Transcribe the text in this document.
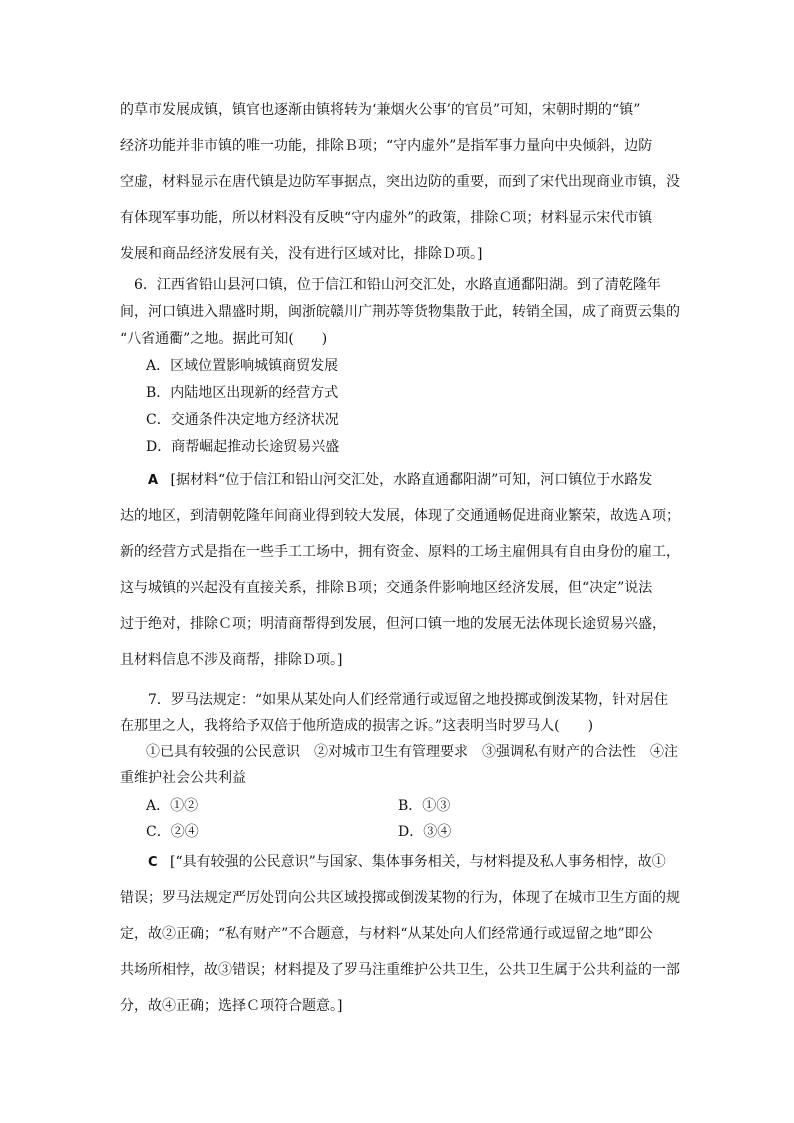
的草市发展成镇，镇官也逐渐由镇将转为‘兼烟火公事’的官员”可知，宋朝时期的“镇”
经济功能并非市镇的唯一功能，排除Ｂ项；“守内虚外”是指军事力量向中央倾斜，边防
空虚，材料显示在唐代镇是边防军事据点，突出边防的重要，而到了宋代出现商业市镇，没
有体现军事功能，所以材料没有反映“守内虚外”的政策，排除Ｃ项；材料显示宋代市镇
发展和商品经济发展有关，没有进行区域对比，排除Ｄ项。]
6．江西省铅山县河口镇，位于信江和铅山河交汇处，水路直通鄱阳湖。到了清乾隆年
间，河口镇进入鼎盛时期，闽浙皖赣川广荆苏等货物集散于此，转销全国，成了商贾云集的
“八省通衢”之地。据此可知(　　)
A．区域位置影响城镇商贸发展
B．内陆地区出现新的经营方式
C．交通条件决定地方经济状况
D．商帮崛起推动长途贸易兴盛
A [据材料“位于信江和铅山河交汇处，水路直通鄱阳湖”可知，河口镇位于水路发
达的地区，到清朝乾隆年间商业得到较大发展，体现了交通通畅促进商业繁荣，故选Ａ项；
新的经营方式是指在一些手工工场中，拥有资金、原料的工场主雇佣具有自由身份的雇工，
这与城镇的兴起没有直接关系，排除Ｂ项；交通条件影响地区经济发展，但“决定”说法
过于绝对，排除Ｃ项；明清商帮得到发展，但河口镇一地的发展无法体现长途贸易兴盛，
且材料信息不涉及商帮，排除Ｄ项。]
7．罗马法规定：“如果从某处向人们经常通行或逗留之地投掷或倒泼某物，针对居住
在那里之人，我将给予双倍于他所造成的损害之诉。”这表明当时罗马人(　　)
①已具有较强的公民意识　②对城市卫生有管理要求　③强调私有财产的合法性　④注
重维护社会公共利益
A．①②	B．①③
C．②④	D．③④
C [“具有较强的公民意识”与国家、集体事务相关，与材料提及私人事务相悖，故①
错误；罗马法规定严厉处罚向公共区域投掷或倒泼某物的行为，体现了在城市卫生方面的规
定，故②正确；“私有财产”不合题意，与材料“从某处向人们经常通行或逗留之地”即公
共场所相悖，故③错误；材料提及了罗马注重维护公共卫生，公共卫生属于公共利益的一部
分，故④正确；选择Ｃ项符合题意。]
